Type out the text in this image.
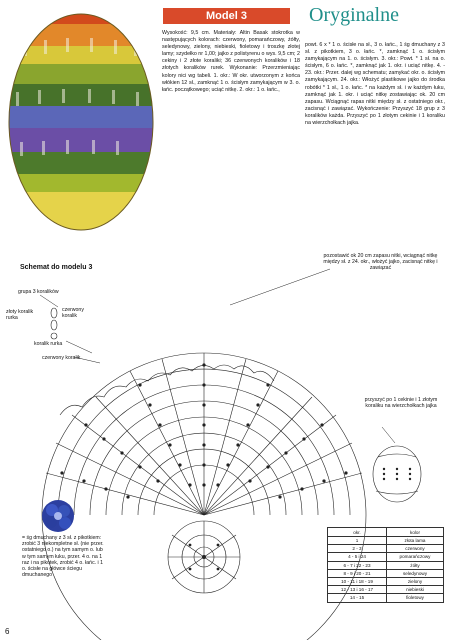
Model 3	Oryginalne
Wysokość: 9,5 cm. Materiały: Altin Basak stokrotka w następujących kolorach: czerwony, pomarańczowy, żółty, seledynowy, zielony, niebieski, fioletowy i troszkę złotej lamy; szydełko nr 1,00; jajko z polistyrenu o wys. 9,5 cm; 2 cekiny i 2 złote koraliki; 36 czerwonych koralików i 18 złotych koralików rurek. Wykonanie: Przerzmieniając kolory nici wg tabeli. 1. okr.: W okr. utworzonym z końca włókien 12 sł., zamknąć 1 o. ścisłym zamykającym w 3. o. łańc. początkowego; uciąć nitkę. 2. okr.: 1 o. łańc.,
powt. 6 x * 1 o. ścisłe na sł., 3 o. łańc., 1 śg dmuchany z 3 sł. z pikotkiem, 3 o. łańc. *, zamknąć 1 o. ścisłym zamykającym na 1. o. ścisłym. 3. okr.: Powt. * 1 sł. na o. ścisłym, 6 o. łańc. *, zamknąć jak 1. okr. i uciąć nitkę. 4. - 23. okr.: Przer. dalej wg schematu; zamykać okr. o. ścisłym zamykającym. 24. okr.: Włożyć plastikowe jajko do środka robótki * 1 sł., 1 o. łańc. * na każdym sł. i w każdym łuku, zamknąć jak 1. okr. i uciąć nitkę zostawiając ok. 20 cm zapasu. Wciągnąć rapas nitki między sł. z ostatniego okr., zacisnąć i zawiązać. Wykończenie: Przyszyć 18 grup z 3 koralików każda. Przyszyć po 1 złotym cekinie i 1 koraliku na wierzchołkach jajka.
Schemat do modelu 3
grupa 3 koralików
złoty koralik rurka
czerwony koralik
koralik rurka
czerwony koralik
pozostawić ok 20 cm zapasu nitki, wciągnąć nitkę między sł. z 24. okr., włożyć jajko, zacisnąć nitkę i zawiązać
przyszyć po 1 cekinie i 1 złotym koraliku na wierzchołkach jajka
= śg dmuchany z 3 sł. z pikotkiem: zrobić 3 niekompletne sł. (nie przer. ostatniego o.) na tym samym o. lub w tym samym łuku, przer. 4 o. na 1 raz i na pikotek, zrobić 4 o. łańc. i 1 o. ścisłe na główce ściegu dmuchanego
okr.	kolor
1	złota lama
2 - 3	czerwony
4 - 5 i 24	pomarańczowy
6 - 7 i 22 - 23	żółty
8 - 9 i 20 - 21	seledynowy
10 - 11 i 18 - 19	zielony
12 - 13 i 16 - 17	niebieski
14 - 15	fioletowy
6
